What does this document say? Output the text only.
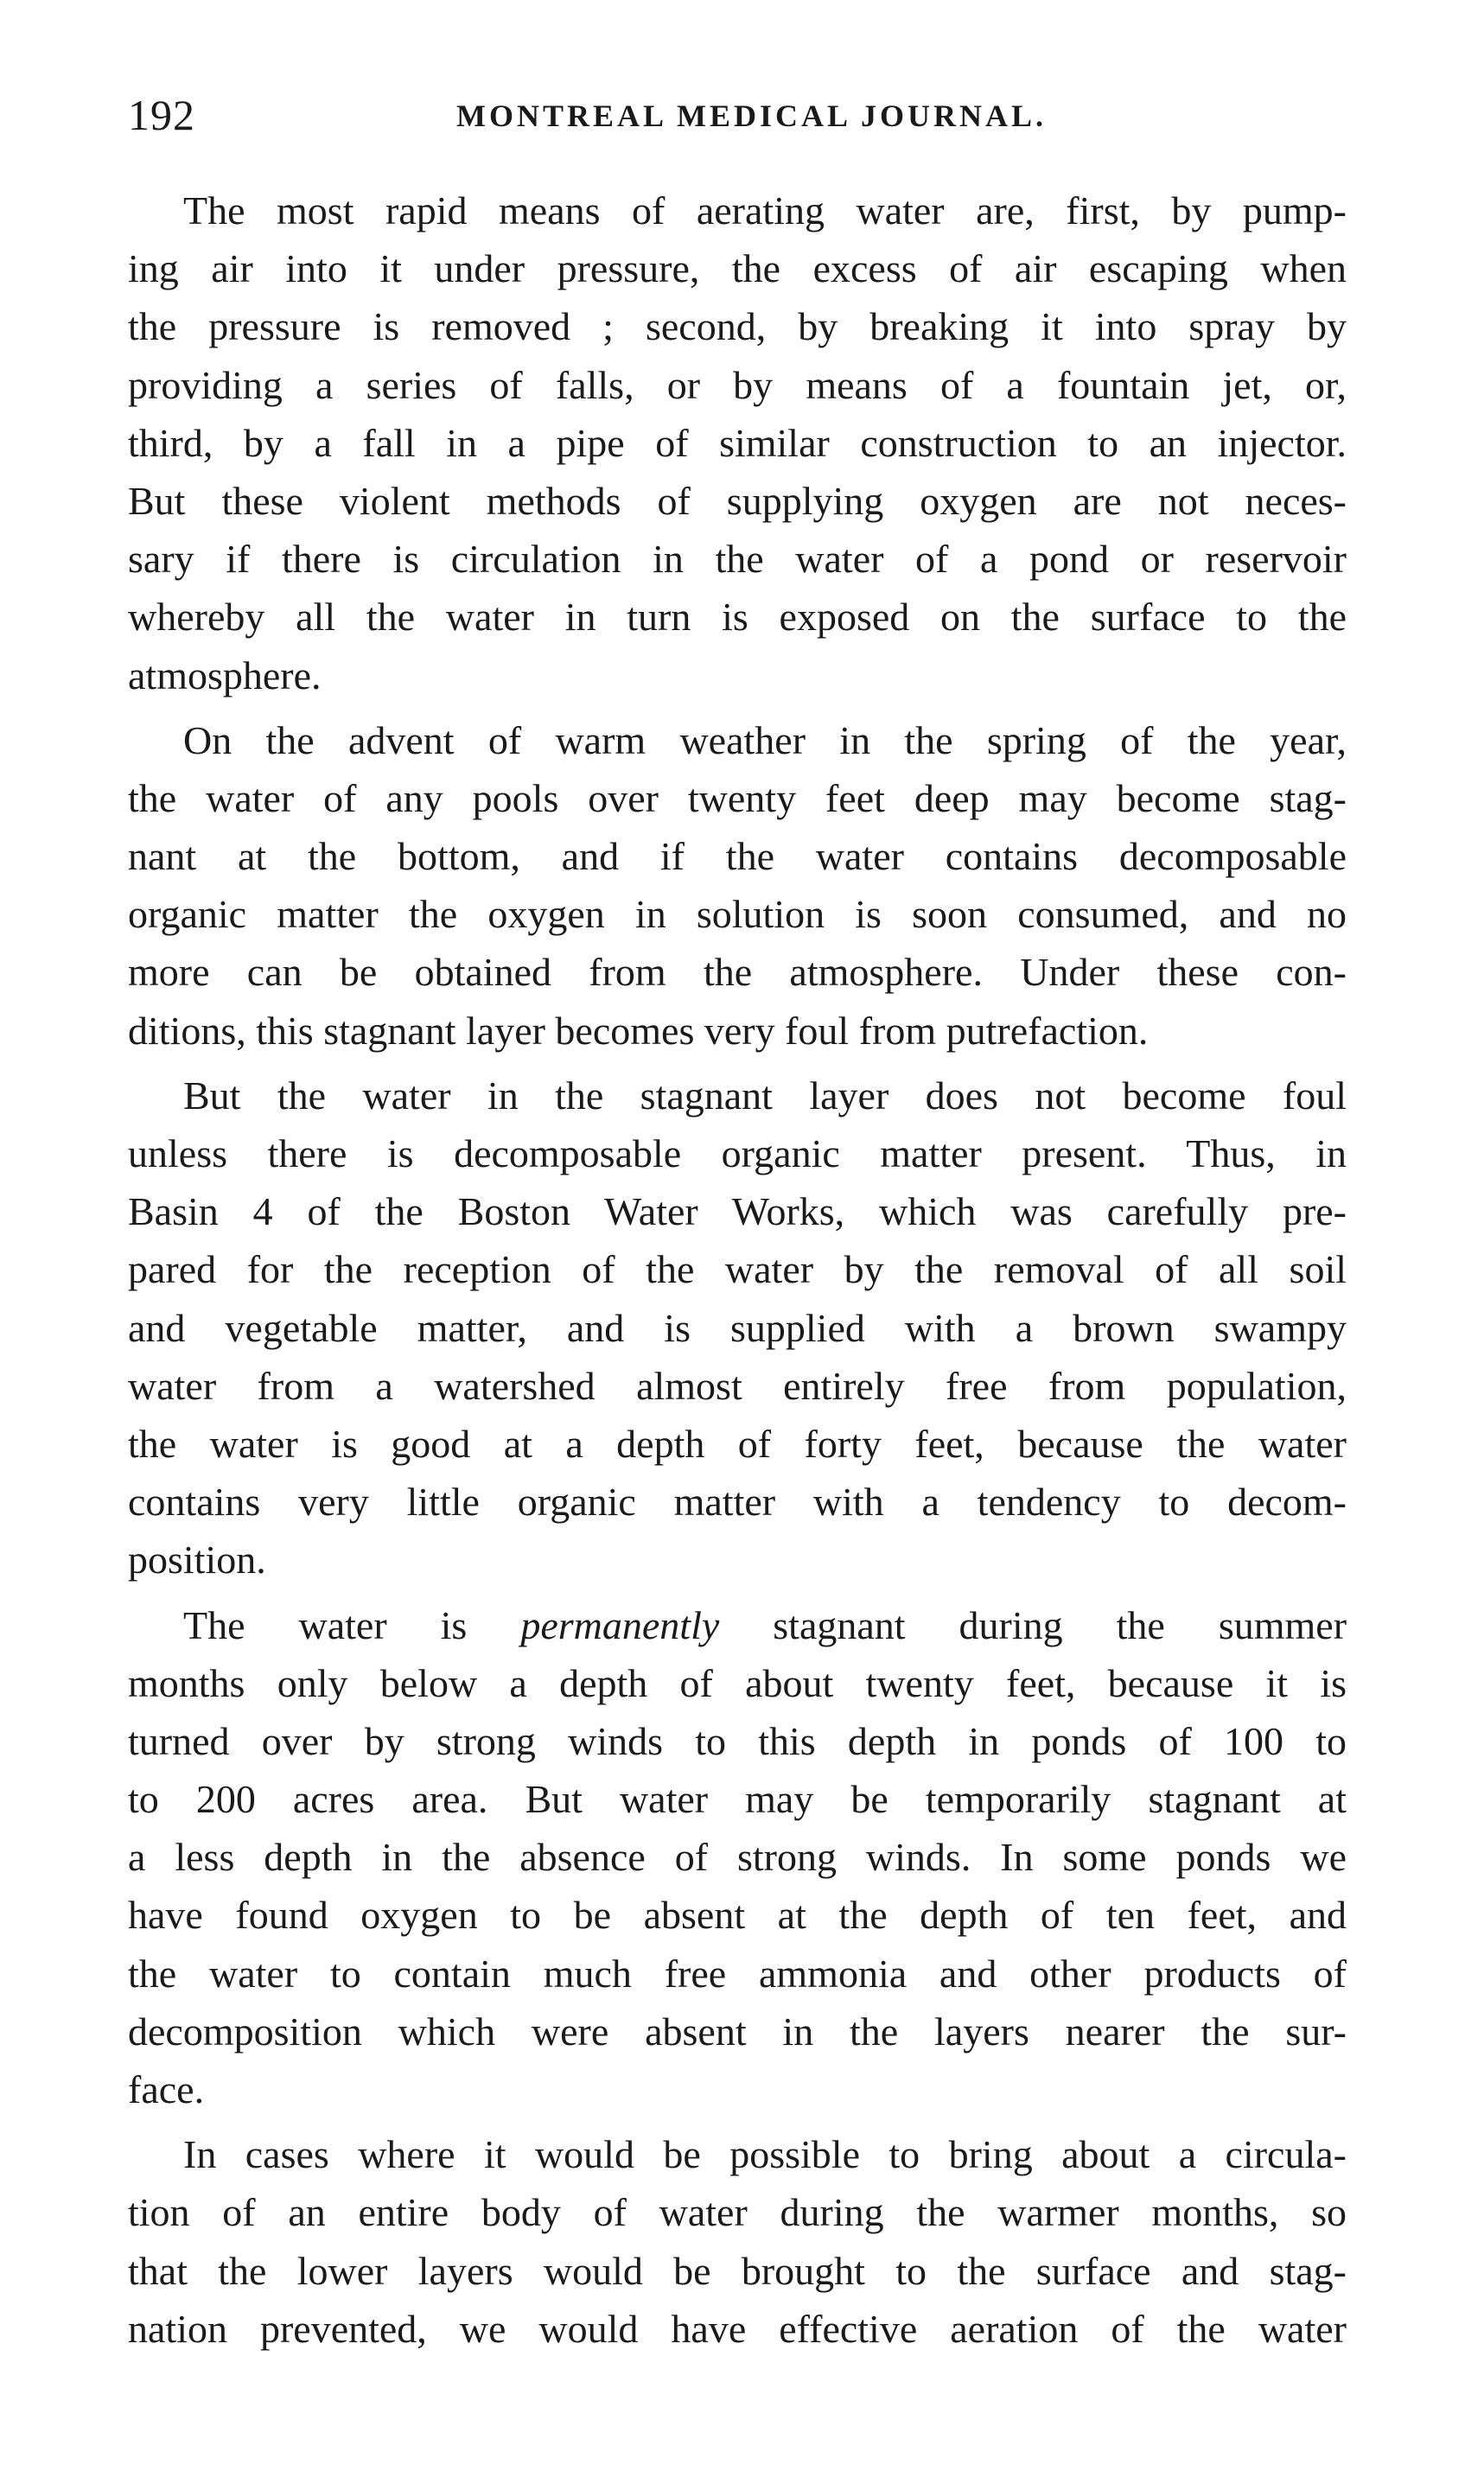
192	MONTREAL MEDICAL JOURNAL.
The most rapid means of aerating water are, first, by pump-
ing air into it under pressure, the excess of air escaping when
the pressure is removed ; second, by breaking it into spray by
providing a series of falls, or by means of a fountain jet, or,
third, by a fall in a pipe of similar construction to an injector.
But these violent methods of supplying oxygen are not neces-
sary if there is circulation in the water of a pond or reservoir
whereby all the water in turn is exposed on the surface to the
atmosphere.
On the advent of warm weather in the spring of the year,
the water of any pools over twenty feet deep may become stag-
nant at the bottom, and if the water contains decomposable
organic matter the oxygen in solution is soon consumed, and no
more can be obtained from the atmosphere. Under these con-
ditions, this stagnant layer becomes very foul from putrefaction.
But the water in the stagnant layer does not become foul
unless there is decomposable organic matter present. Thus, in
Basin 4 of the Boston Water Works, which was carefully pre-
pared for the reception of the water by the removal of all soil
and vegetable matter, and is supplied with a brown swampy
water from a watershed almost entirely free from population,
the water is good at a depth of forty feet, because the water
contains very little organic matter with a tendency to decom-
position.
The water is permanently stagnant during the summer
months only below a depth of about twenty feet, because it is
turned over by strong winds to this depth in ponds of 100 to
to 200 acres area. But water may be temporarily stagnant at
a less depth in the absence of strong winds. In some ponds we
have found oxygen to be absent at the depth of ten feet, and
the water to contain much free ammonia and other products of
decomposition which were absent in the layers nearer the sur-
face.
In cases where it would be possible to bring about a circula-
tion of an entire body of water during the warmer months, so
that the lower layers would be brought to the surface and stag-
nation prevented, we would have effective aeration of the water
